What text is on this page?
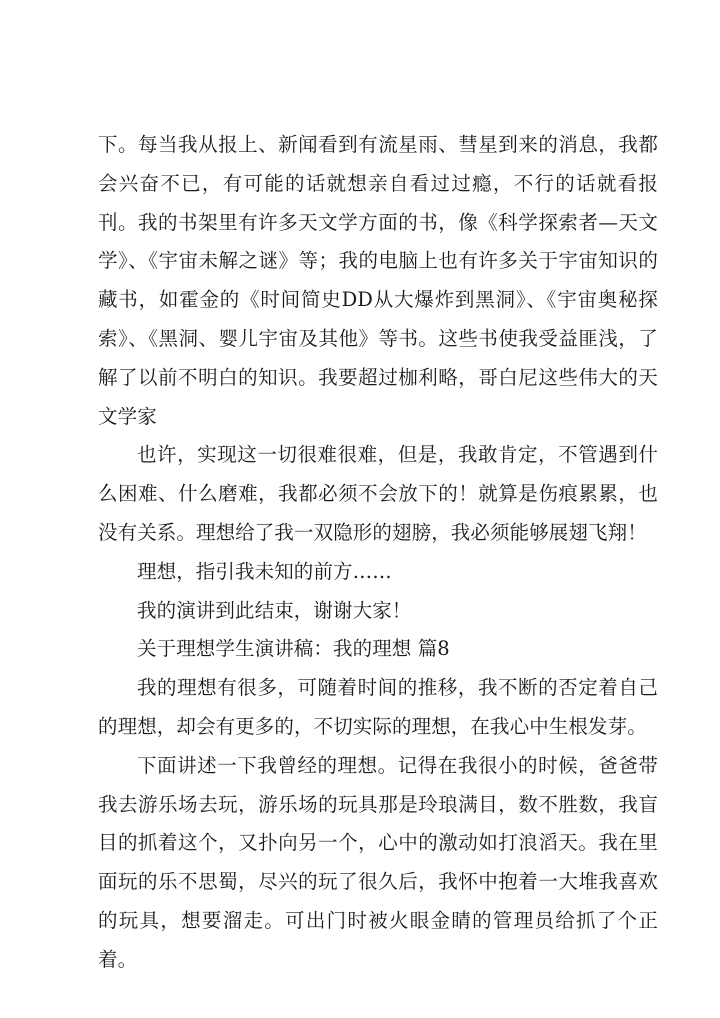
下。每当我从报上、新闻看到有流星雨、彗星到来的消息，我都会兴奋不已，有可能的话就想亲自看过过瘾，不行的话就看报刊。我的书架里有许多天文学方面的书，像《科学探索者—天文学》、《宇宙未解之谜》等；我的电脑上也有许多关于宇宙知识的藏书，如霍金的《时间简史DD从大爆炸到黑洞》、《宇宙奥秘探索》、《黑洞、婴儿宇宙及其他》等书。这些书使我受益匪浅，了解了以前不明白的知识。我要超过枷利略，哥白尼这些伟大的天文学家

也许，实现这一切很难很难，但是，我敢肯定，不管遇到什么困难、什么磨难，我都必须不会放下的！就算是伤痕累累，也没有关系。理想给了我一双隐形的翅膀，我必须能够展翅飞翔！

理想，指引我未知的前方……

我的演讲到此结束，谢谢大家！

关于理想学生演讲稿：我的理想 篇8

我的理想有很多，可随着时间的推移，我不断的否定着自己的理想，却会有更多的，不切实际的理想，在我心中生根发芽。

下面讲述一下我曾经的理想。记得在我很小的时候，爸爸带我去游乐场去玩，游乐场的玩具那是玲琅满目，数不胜数，我盲目的抓着这个，又扑向另一个，心中的激动如打浪滔天。我在里面玩的乐不思蜀，尽兴的玩了很久后，我怀中抱着一大堆我喜欢的玩具，想要溜走。可出门时被火眼金睛的管理员给抓了个正着。
